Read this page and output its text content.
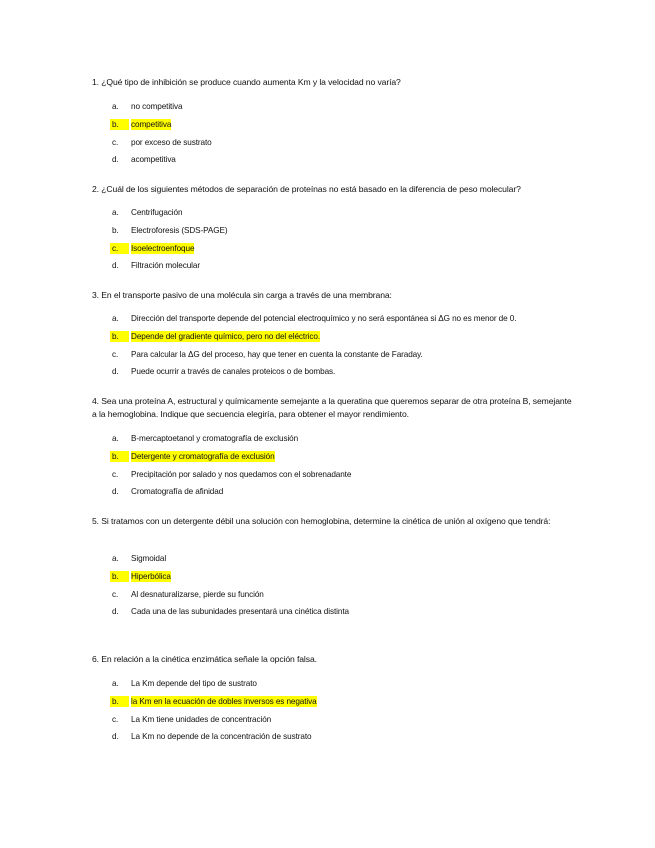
1. ¿Qué tipo de inhibición se produce cuando aumenta Km y la velocidad no varía?
a.	no competitiva
b.	competitiva
c.	por exceso de sustrato
d.	acompetitiva
2. ¿Cuál de los siguientes métodos de separación de proteínas no está basado en la diferencia de peso molecular?
a.	Centrifugación
b.	Electroforesis (SDS-PAGE)
c.	Isoelectroenfoque
d.	Filtración molecular
3. En el transporte pasivo de una molécula sin carga a través de una membrana:
a.	Dirección del transporte depende del potencial electroquímico y no será espontánea si ΔG no es menor de 0.
b.	Depende del gradiente químico, pero no del eléctrico.
c.	Para calcular la ΔG del proceso, hay que tener en cuenta la constante de Faraday.
d.	Puede ocurrir a través de canales proteicos o de bombas.
4. Sea una proteína A, estructural y químicamente semejante a la queratina que queremos separar de otra proteína B, semejante a la hemoglobina. Indique que secuencia elegiría, para obtener el mayor rendimiento.
a.	B-mercaptoetanol y cromatografía de exclusión
b.	Detergente y cromatografía de exclusión
c.	Precipitación por salado y nos quedamos con el sobrenadante
d.	Cromatografía de afinidad
5. Si tratamos con un detergente débil una solución con hemoglobina, determine la cinética de unión al oxígeno que tendrá:
a.	Sigmoidal
b.	Hiperbólica
c.	Al desnaturalizarse, pierde su función
d.	Cada una de las subunidades presentará una cinética distinta
6. En relación a la cinética enzimática señale la opción falsa.
a.	La Km depende del tipo de sustrato
b.	la Km en la ecuación de dobles inversos es negativa
c.	La Km tiene unidades de concentración
d.	La Km no depende de la concentración de sustrato
